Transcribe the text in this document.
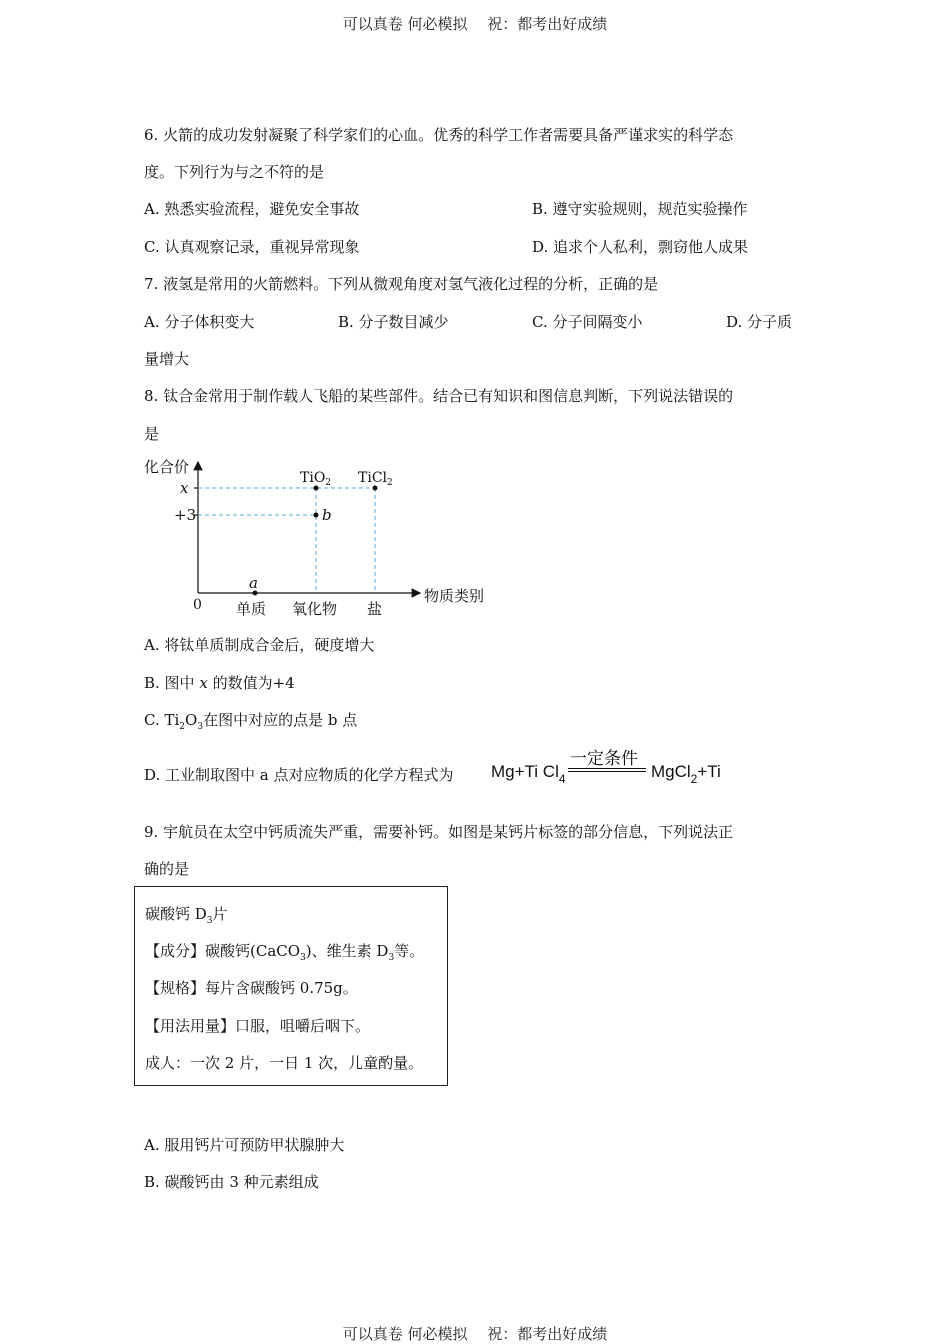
可以真卷 何必模拟　 祝：都考出好成绩
可以真卷 何必模拟　 祝：都考出好成绩
6. 火箭的成功发射凝聚了科学家们的心血。优秀的科学工作者需要具备严谨求实的科学态
度。下列行为与之不符的是
A. 熟悉实验流程，避免安全事故	B. 遵守实验规则，规范实验操作
C. 认真观察记录，重视异常现象	D. 追求个人私利，剽窃他人成果
7. 液氢是常用的火箭燃料。下列从微观角度对氢气液化过程的分析，正确的是
A. 分子体积变大	B. 分子数目减少	C. 分子间隔变小	D. 分子质
量增大
8. 钛合金常用于制作载人飞船的某些部件。结合已有知识和图信息判断，下列说法错误的
是
化合价
物质类别
0
x
+3
单质 氧化物 盐
a
b
TiO$_2$ TiCl$_2$
A. 将钛单质制成合金后，硬度增大
B. 图中 x 的数值为+4
C. $Ti_2O_3$在图中对应的点是 b 点
D. 工业制取图中 a 点对应物质的化学方程式为 Mg+Ti $Cl_4$
一定条件
MgCl$_2$+Ti
9. 宇航员在太空中钙质流失严重，需要补钙。如图是某钙片标签的部分信息，下列说法正
确的是
碳酸钙 $D_3$片
【成分】碳酸钙(CaCO$_3$)、维生素 $D_3$等。
【规格】每片含碳酸钙 0.75g。
【用法用量】口服，咀嚼后咽下。
成人：一次 2 片，一日 1 次，儿童酌量。
A. 服用钙片可预防甲状腺肿大
B. 碳酸钙由 3 种元素组成
